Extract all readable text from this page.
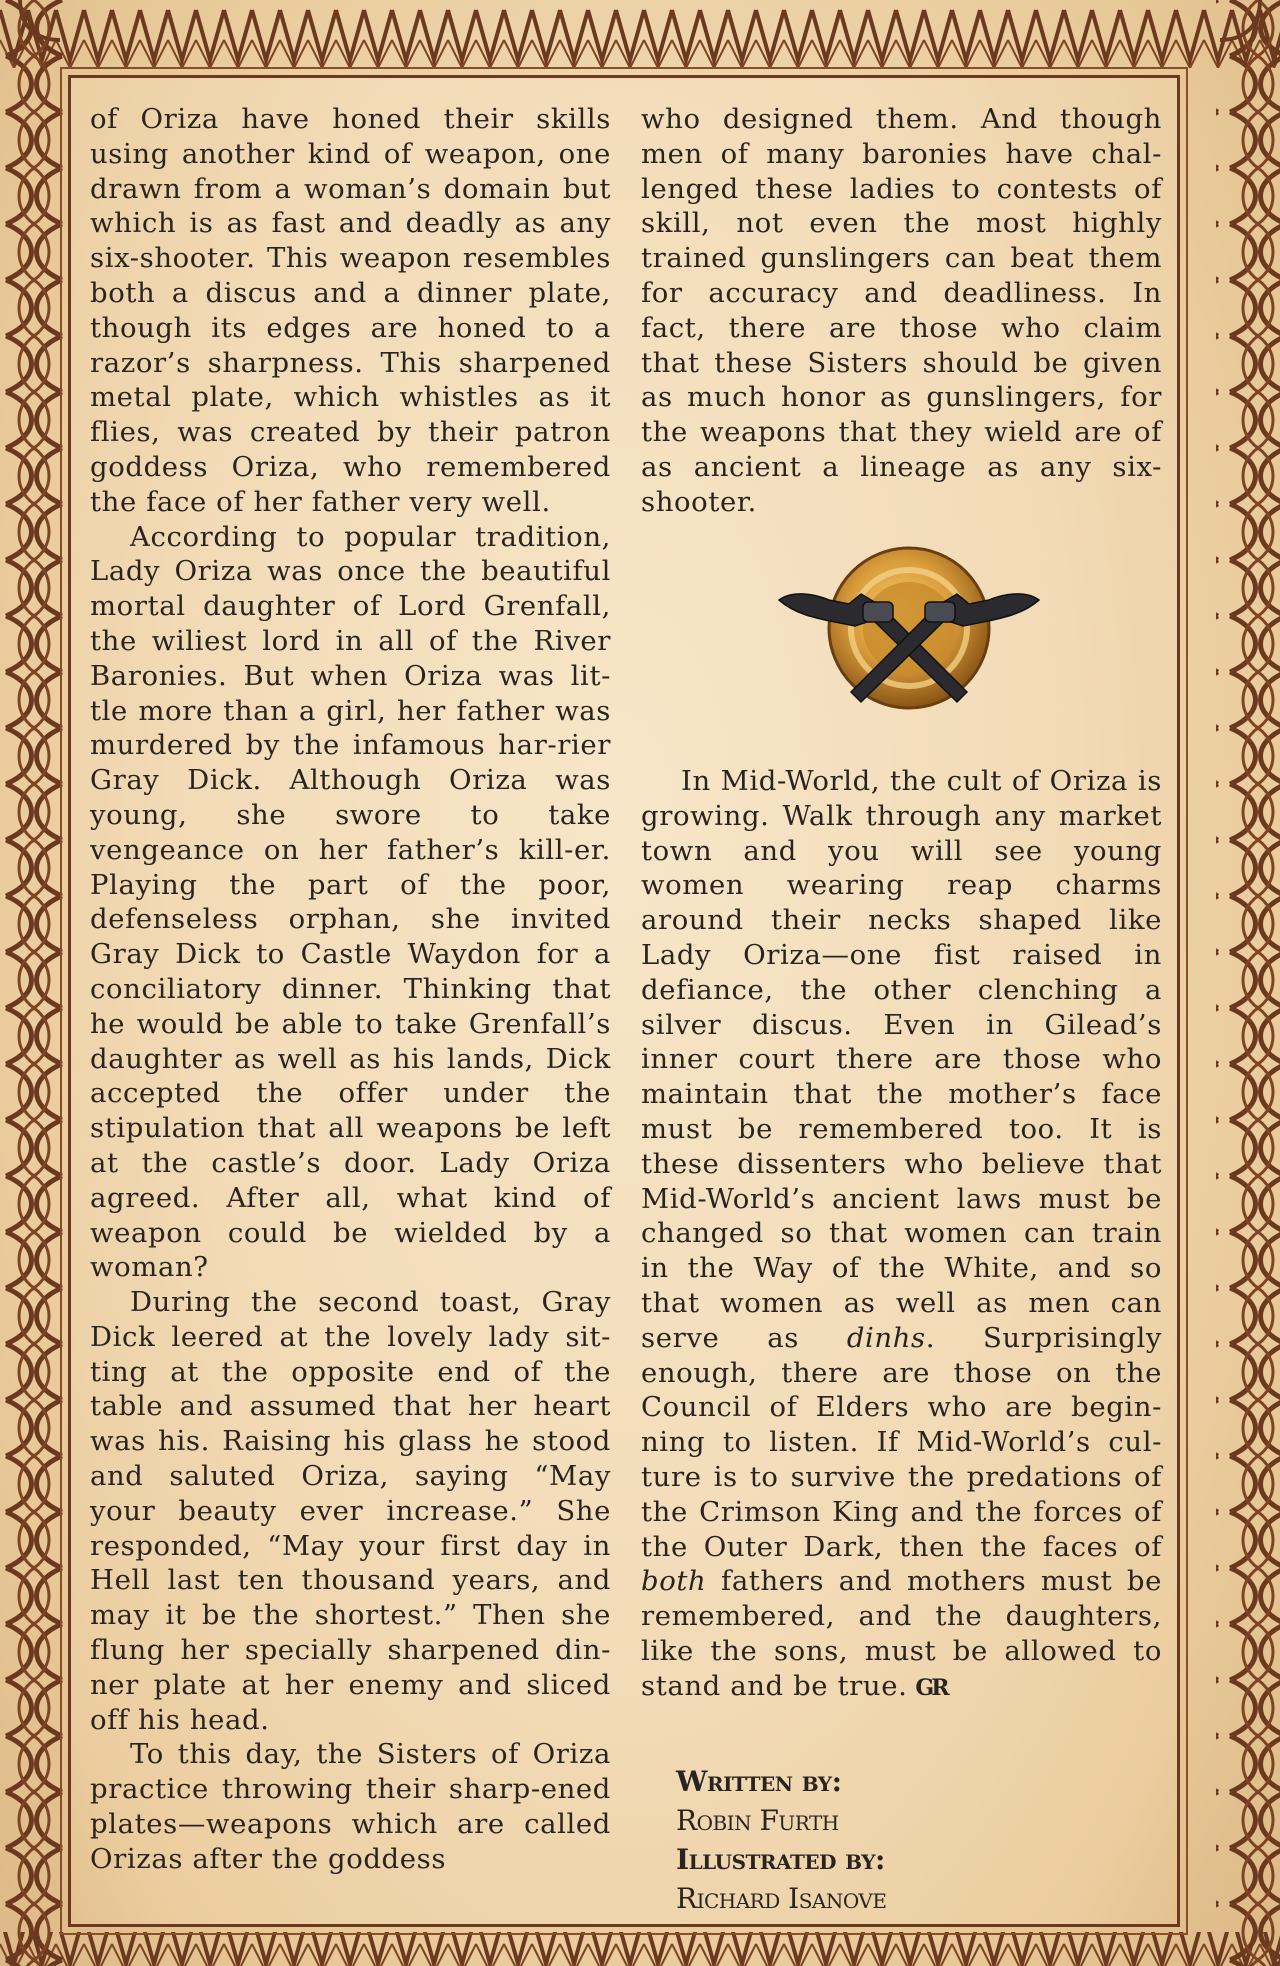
of Oriza have honed their skills using another kind of weapon, one drawn from a woman’s domain but which is as fast and deadly as any six-shooter. This weapon resembles both a discus and a dinner plate, though its edges are honed to a razor’s sharpness. This sharpened metal plate, which whistles as it flies, was created by their patron goddess Oriza, who remembered the face of her father very well.

According to popular tradition, Lady Oriza was once the beautiful mortal daughter of Lord Grenfall, the wiliest lord in all of the River Baronies. But when Oriza was lit-tle more than a girl, her father was murdered by the infamous har-rier Gray Dick. Although Oriza was young, she swore to take vengeance on her father’s kill-er. Playing the part of the poor, defenseless orphan, she invited Gray Dick to Castle Waydon for a conciliatory dinner. Thinking that he would be able to take Grenfall’s daughter as well as his lands, Dick accepted the offer under the stipulation that all weapons be left at the castle’s door. Lady Oriza agreed. After all, what kind of weapon could be wielded by a woman?

During the second toast, Gray Dick leered at the lovely lady sit-ting at the opposite end of the table and assumed that her heart was his. Raising his glass he stood and saluted Oriza, saying “May your beauty ever increase.” She responded, “May your first day in Hell last ten thousand years, and may it be the shortest.” Then she flung her specially sharpened din-ner plate at her enemy and sliced off his head.

To this day, the Sisters of Oriza practice throwing their sharp-ened plates—weapons which are called Orizas after the goddess

who designed them. And though men of many baronies have chal-lenged these ladies to contests of skill, not even the most highly trained gunslingers can beat them for accuracy and deadliness. In fact, there are those who claim that these Sisters should be given as much honor as gunslingers, for the weapons that they wield are of as ancient a lineage as any six-shooter.

In Mid-World, the cult of Oriza is growing. Walk through any market town and you will see young women wearing reap charms around their necks shaped like Lady Oriza—one fist raised in defiance, the other clenching a silver discus. Even in Gilead’s inner court there are those who maintain that the mother’s face must be remembered too. It is these dissenters who believe that Mid-World’s ancient laws must be changed so that women can train in the Way of the White, and so that women as well as men can serve as dinhs. Surprisingly enough, there are those on the Council of Elders who are begin-ning to listen. If Mid-World’s cul-ture is to survive the predations of the Crimson King and the forces of the Outer Dark, then the faces of both fathers and mothers must be remembered, and the daughters, like the sons, must be allowed to stand and be true. GR

Written by:
Robin Furth
Illustrated by:
Richard Isanove
